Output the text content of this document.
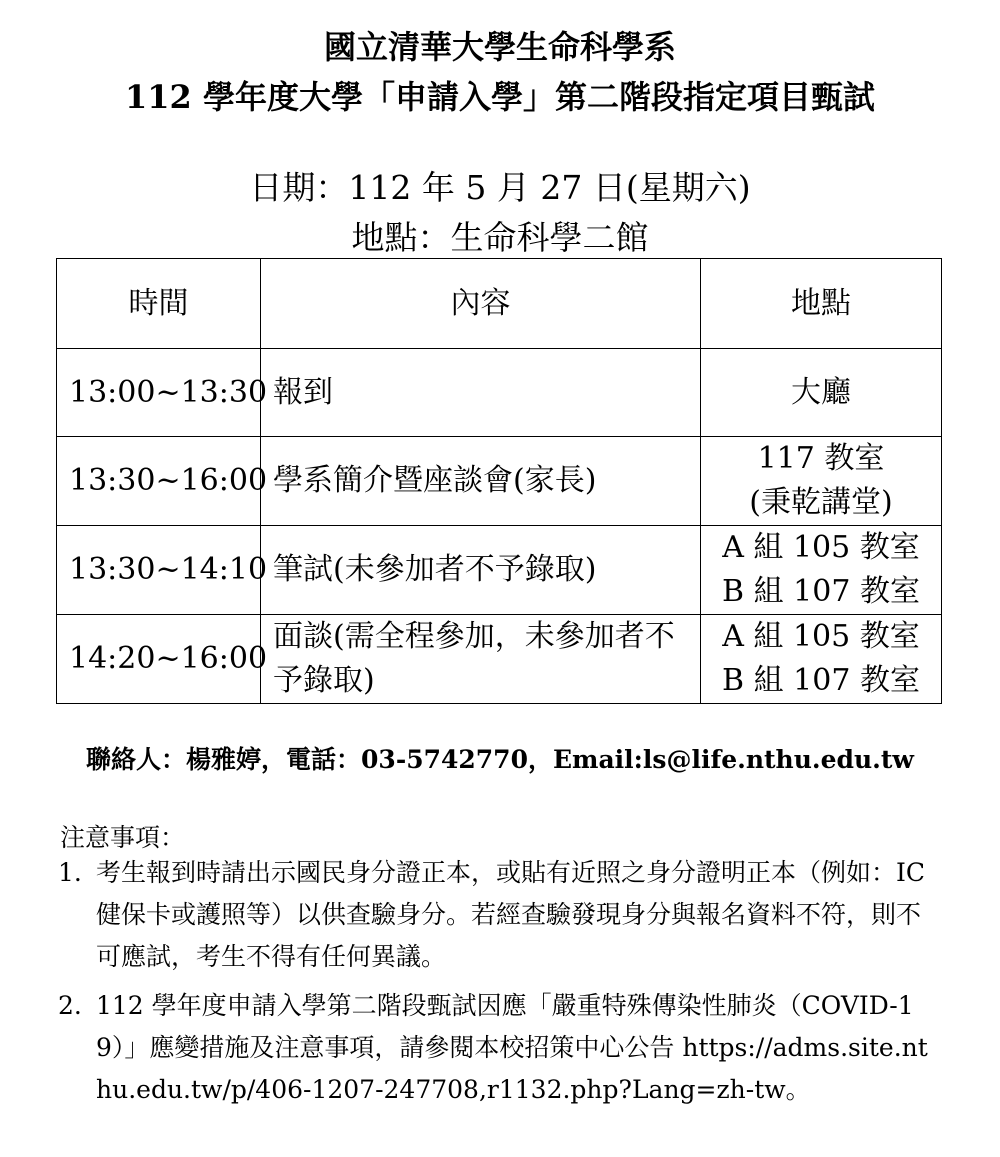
國立清華大學生命科學系
112 學年度大學「申請入學」第二階段指定項目甄試
日期：112 年 5 月 27 日(星期六)
地點：生命科學二館
時間	內容	地點
13:00~13:30	報到	大廳

13:30~16:00	學系簡介暨座談會(家長)	117 教室
(秉乾講堂)

13:30~14:10	筆試(未參加者不予錄取)	A 組 105 教室
B 組 107 教室

14:20~16:00	面談(需全程參加，未參加者不予錄取)	A 組 105 教室
B 組 107 教室
聯絡人：楊雅婷，電話：03-5742770，Email:ls@life.nthu.edu.tw
注意事項：
1. 考生報到時請出示國民身分證正本，或貼有近照之身分證明正本（例如：IC 健保卡或護照等）以供查驗身分。若經查驗發現身分與報名資料不符，則不可應試，考生不得有任何異議。
2. 112 學年度申請入學第二階段甄試因應「嚴重特殊傳染性肺炎（COVID-19）」應變措施及注意事項，請參閱本校招策中心公告 https://adms.site.nthu.edu.tw/p/406-1207-247708,r1132.php?Lang=zh-tw。
